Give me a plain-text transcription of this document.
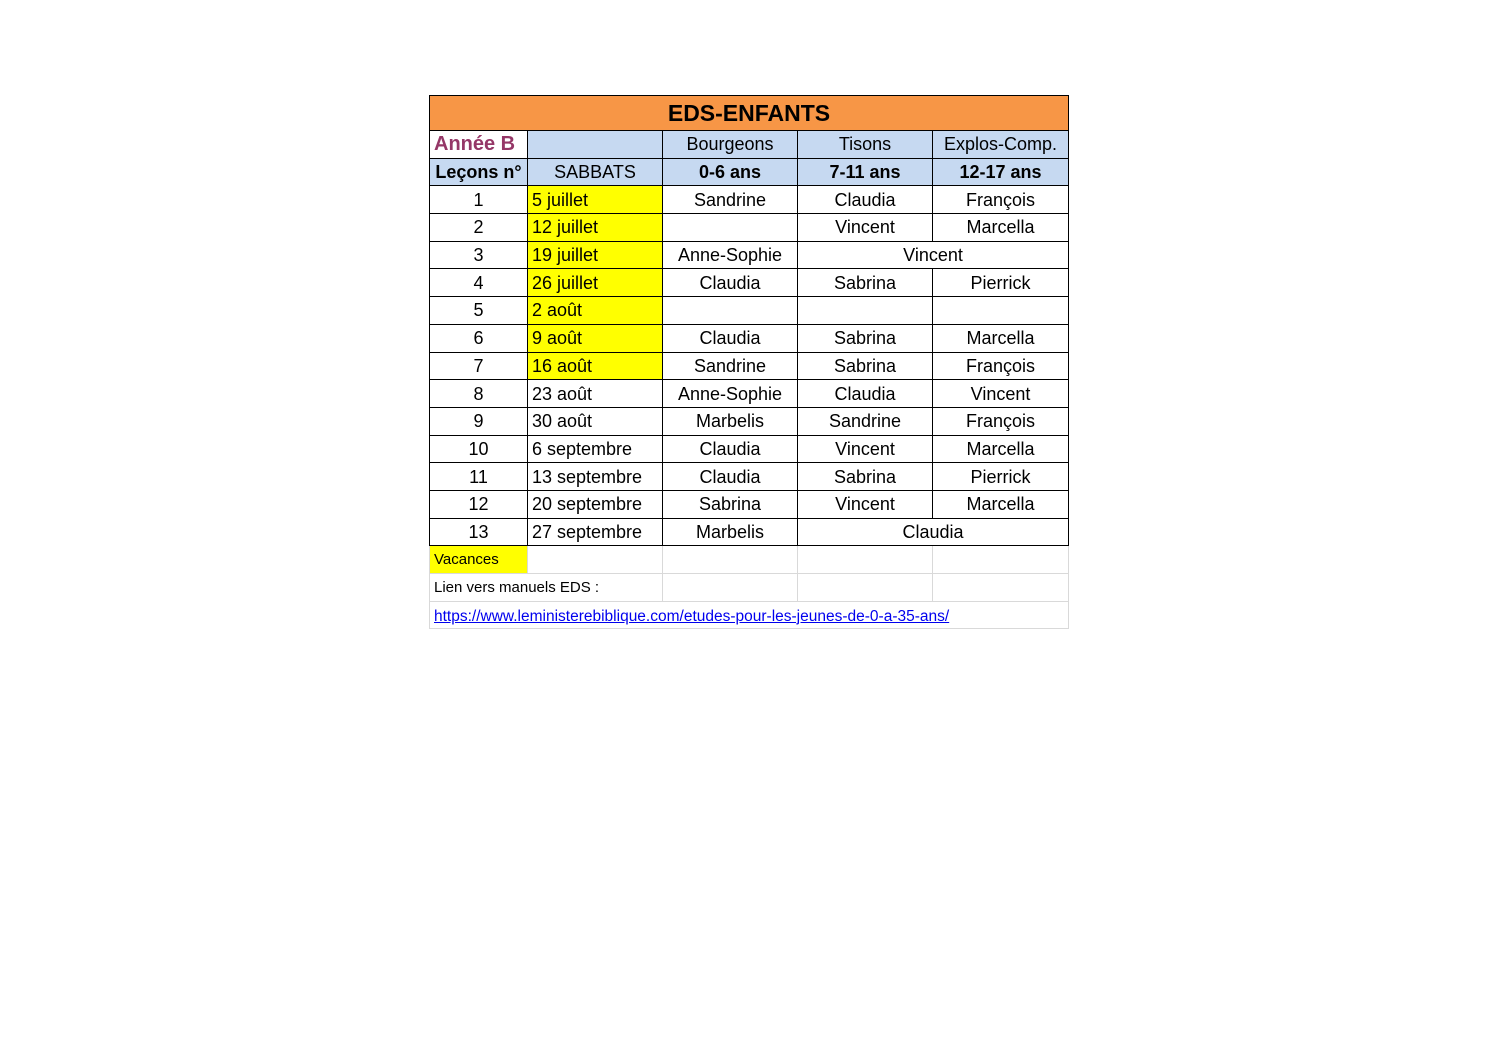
EDS-ENFANTS				
Année B		Bourgeons	Tisons	Explos-Comp.
Leçons n°	SABBATS	0-6 ans	7-11 ans	12-17 ans
1	5 juillet	Sandrine	Claudia	François
2	12 juillet		Vincent	Marcella
3	19 juillet	Anne-Sophie	Vincent	
4	26 juillet	Claudia	Sabrina	Pierrick
5	2 août			
6	9 août	Claudia	Sabrina	Marcella
7	16 août	Sandrine	Sabrina	François
8	23 août	Anne-Sophie	Claudia	Vincent
9	30 août	Marbelis	Sandrine	François
10	6 septembre	Claudia	Vincent	Marcella
11	13 septembre	Claudia	Sabrina	Pierrick
12	20 septembre	Sabrina	Vincent	Marcella
13	27 septembre	Marbelis	Claudia	
Vacances				
Lien vers manuels EDS :				
https://www.leministerebiblique.com/etudes-pour-les-jeunes-de-0-a-35-ans/				
